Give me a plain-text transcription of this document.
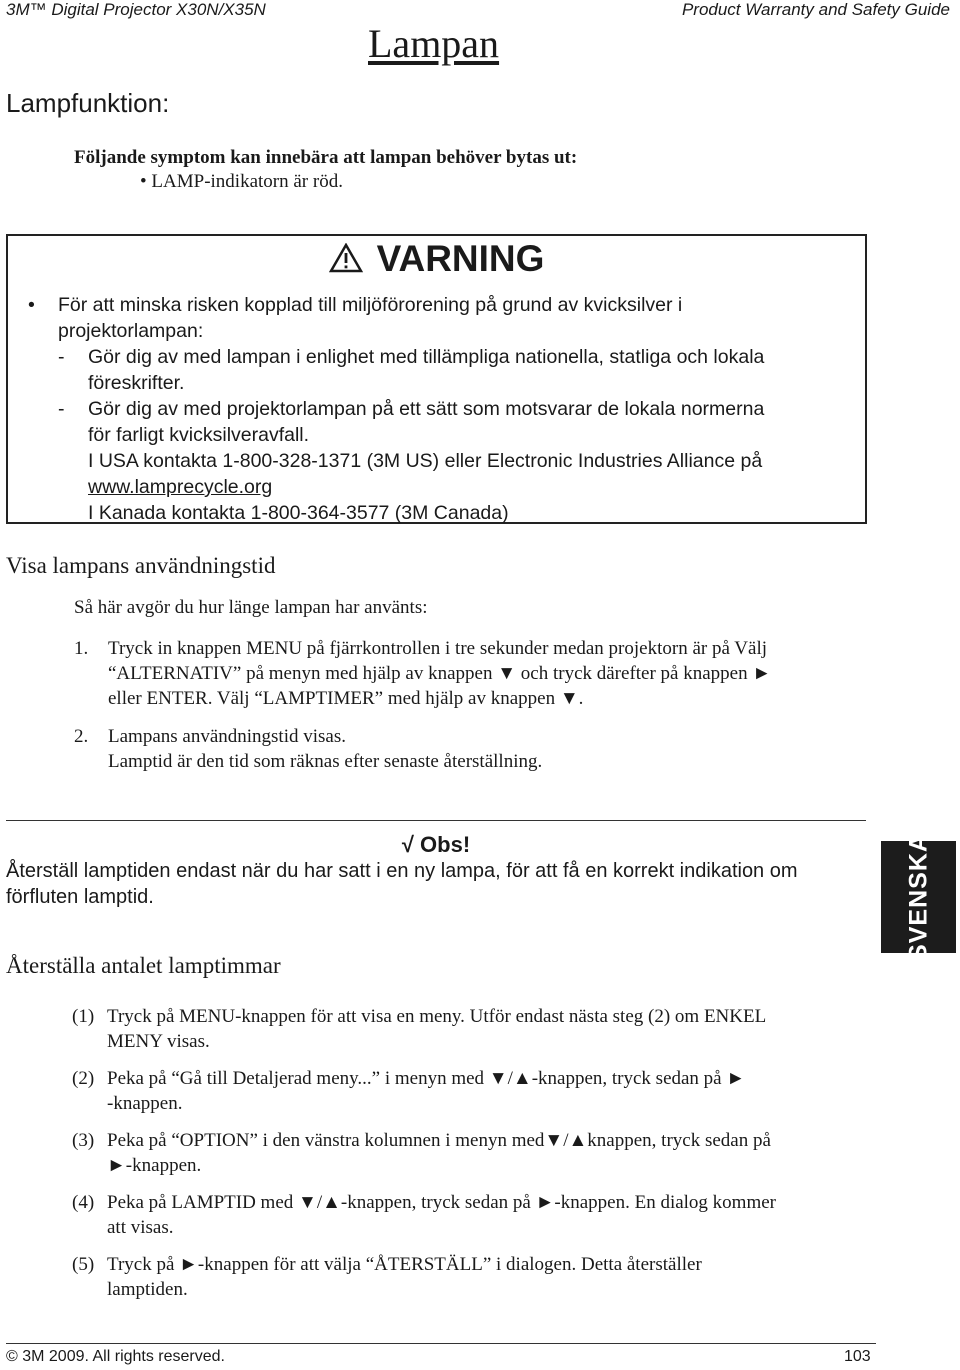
3M™ Digital Projector X30N/X35N	Product Warranty and Safety Guide
Lampan
Lampfunktion:
Följande symptom kan innebära att lampan behöver bytas ut:
• LAMP-indikatorn är röd.
VARNING
• För att minska risken kopplad till miljöförorening på grund av kvicksilver i
projektorlampan:
- Gör dig av med lampan i enlighet med tillämpliga nationella, statliga och lokala
föreskrifter.
- Gör dig av med projektorlampan på ett sätt som motsvarar de lokala normerna
för farligt kvicksilveravfall.
I USA kontakta 1-800-328-1371 (3M US) eller Electronic Industries Alliance på
www.lamprecycle.org
I Kanada kontakta 1-800-364-3577 (3M Canada)
Visa lampans användningstid
Så här avgör du hur länge lampan har använts:
1. Tryck in knappen MENU på fjärrkontrollen i tre sekunder medan projektorn är på Välj
“ALTERNATIV” på menyn med hjälp av knappen ▼ och tryck därefter på knappen ►
eller ENTER. Välj “LAMPTIMER” med hjälp av knappen ▼.
2. Lampans användningstid visas.
Lamptid är den tid som räknas efter senaste återställning.
√ Obs!
Återställ lamptiden endast när du har satt i en ny lampa, för att få en korrekt indikation om
förfluten lamptid.	SVENSKA
Återställa antalet lamptimmar
(1) Tryck på MENU-knappen för att visa en meny. Utför endast nästa steg (2) om ENKEL
MENY visas.
(2) Peka på “Gå till Detaljerad meny...” i menyn med ▼/▲-knappen, tryck sedan på ►
-knappen.
(3) Peka på “OPTION” i den vänstra kolumnen i menyn med▼/▲knappen, tryck sedan på
►-knappen.
(4) Peka på LAMPTID med ▼/▲-knappen, tryck sedan på ►-knappen. En dialog kommer
att visas.
(5) Tryck på ►-knappen för att välja “ÅTERSTÄLL” i dialogen. Detta återställer
lamptiden.
© 3M 2009. All rights reserved.	103
